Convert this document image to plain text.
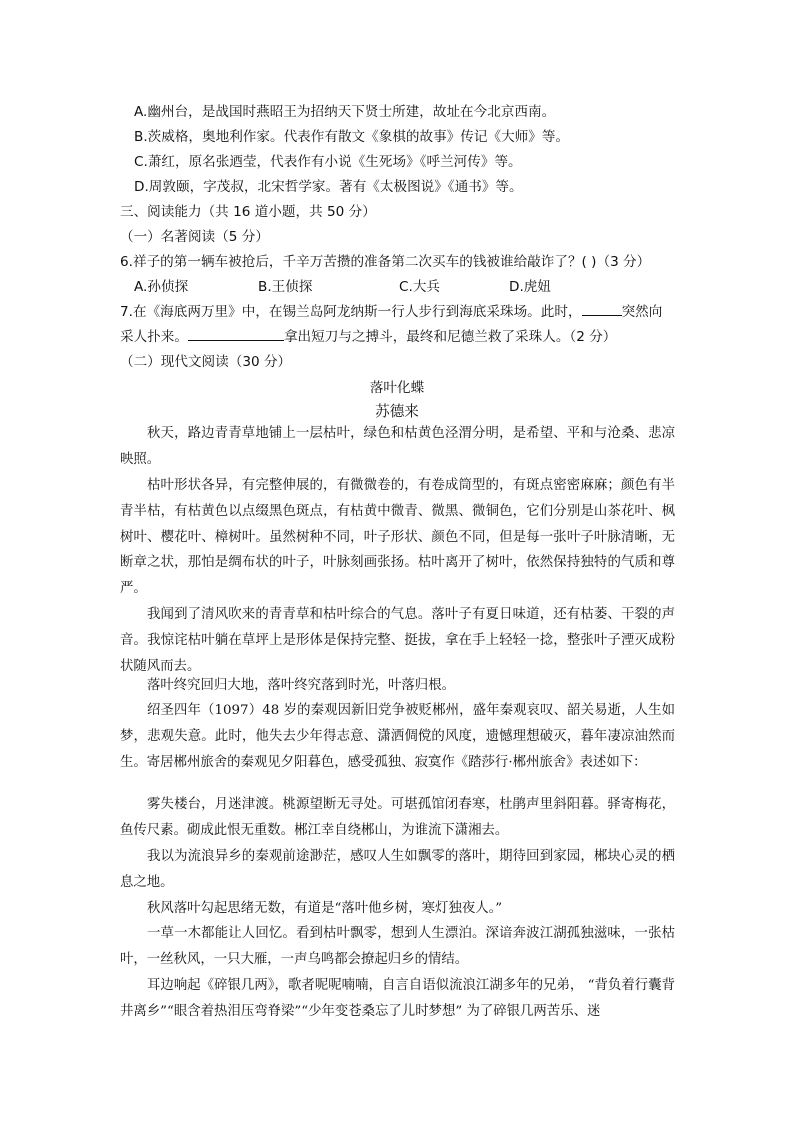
A.幽州台，是战国时燕昭王为招纳天下贤士所建，故址在今北京西南。
B.茨威格，奥地利作家。代表作有散文《象棋的故事》传记《大师》等。
C.萧红，原名张迺莹，代表作有小说《生死场》《呼兰河传》等。
D.周敦颐，字茂叔，北宋哲学家。著有《太极图说》《通书》等。
三、阅读能力（共 16 道小题，共 50 分）
（一）名著阅读（5 分）
6.祥子的第一辆车被抢后，千辛万苦攒的准备第二次买车的钱被谁给敲诈了？( )（3 分）
A.孙侦探	B.王侦探	C.大兵	D.虎妞
7.在《海底两万里》中，在锡兰岛阿龙纳斯一行人步行到海底采珠场。此时，	突然向
采人扑来。	拿出短刀与之搏斗，最终和尼德兰救了采珠人。（2 分）
（二）现代文阅读（30 分）
落叶化蝶
苏德来

秋天，路边青青草地铺上一层枯叶，绿色和枯黄色泾渭分明，是希望、平和与沧桑、悲凉映照。

枯叶形状各异，有完整伸展的，有微微卷的，有卷成筒型的，有斑点密密麻麻；颜色有半青半枯，有枯黄色以点缀黑色斑点，有枯黄中微青、微黑、微铜色，它们分别是山茶花叶、枫树叶、樱花叶、樟树叶。虽然树种不同，叶子形状、颜色不同，但是每一张叶子叶脉清晰，无断章之状，那怕是绸布状的叶子，叶脉刻画张扬。枯叶离开了树叶，依然保持独特的气质和尊严。

我闻到了清风吹来的青青草和枯叶综合的气息。落叶子有夏日味道，还有枯萎、干裂的声音。我惊诧枯叶躺在草坪上是形体是保持完整、挺拔，拿在手上轻轻一捻，整张叶子湮灭成粉状随风而去。

落叶终究回归大地，落叶终究落到时光，叶落归根。

绍圣四年（1097）48 岁的秦观因新旧党争被贬郴州，盛年秦观哀叹、韶关易逝，人生如梦，悲观失意。此时，他失去少年得志意、潇洒倜傥的风度，遗憾理想破灭，暮年凄凉油然而生。寄居郴州旅舍的秦观见夕阳暮色，感受孤独、寂寞作《踏莎行·郴州旅舍》表述如下：

雾失楼台，月迷津渡。桃源望断无寻处。可堪孤馆闭春寒，杜鹃声里斜阳暮。驿寄梅花，鱼传尺素。砌成此恨无重数。郴江幸自绕郴山，为谁流下潇湘去。

我以为流浪异乡的秦观前途渺茫，感叹人生如飘零的落叶，期待回到家园，郴块心灵的栖息之地。

秋风落叶勾起思绪无数，有道是“落叶他乡树，寒灯独夜人。”

一草一木都能让人回忆。看到枯叶飘零，想到人生漂泊。深谙奔波江湖孤独滋味，一张枯叶，一丝秋风，一只大雁，一声乌鸣都会撩起归乡的情结。

耳边响起《碎银几两》，歌者呢呢喃喃，自言自语似流浪江湖多年的兄弟， “背负着行囊背井离乡”“眼含着热泪压弯脊梁”“少年变苍桑忘了儿时梦想” 为了碎银几两苦乐、迷
